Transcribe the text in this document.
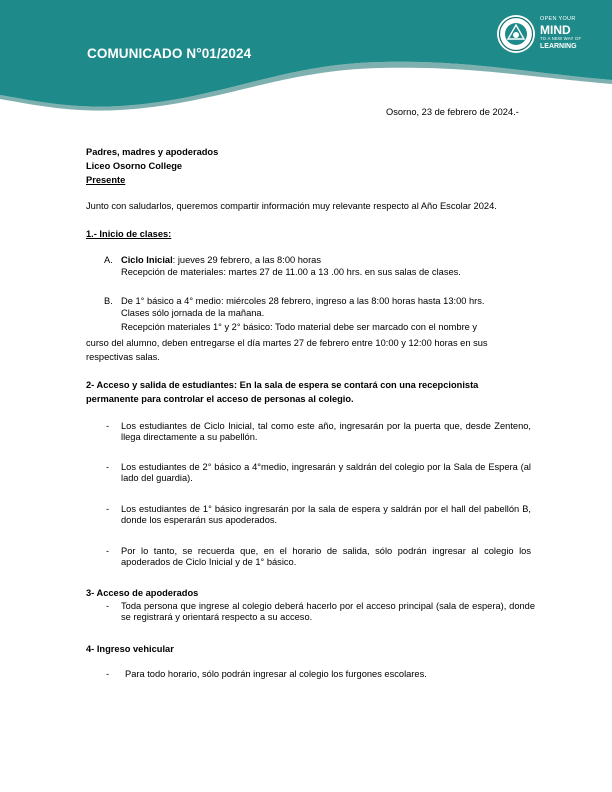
COMUNICADO N°01/2024
OPEN YOUR
MIND
TO A NEW WAY OF
LEARNING
Osorno, 23 de febrero de 2024.-
Padres, madres y apoderados
Liceo Osorno College
Presente
Junto con saludarlos, queremos compartir información muy relevante respecto al Año Escolar 2024.
1.- Inicio de clases:
A. Ciclo Inicial: jueves 29 febrero, a las 8:00 horas
Recepción de materiales: martes 27 de 11.00 a 13 .00 hrs. en sus salas de clases.
B. De 1° básico a 4° medio: miércoles 28 febrero, ingreso a las 8:00 horas hasta 13:00 hrs.
Clases sólo jornada de la mañana.
Recepción materiales 1° y 2° básico: Todo material debe ser marcado con el nombre y
curso del alumno, deben entregarse el día martes 27 de febrero entre 10:00 y 12:00 horas en sus
respectivas salas.
2- Acceso y salida de estudiantes: En la sala de espera se contará con una recepcionista
permanente para controlar el acceso de personas al colegio.
- Los estudiantes de Ciclo Inicial, tal como este año, ingresarán por la puerta que, desde Zenteno, llega directamente a su pabellón.
- Los estudiantes de 2° básico a 4°medio, ingresarán y saldrán del colegio por la Sala de Espera (al lado del guardia).
- Los estudiantes de 1° básico ingresarán por la sala de espera y saldrán por el hall del pabellón B, donde los esperarán sus apoderados.
- Por lo tanto, se recuerda que, en el horario de salida, sólo podrán ingresar al colegio los apoderados de Ciclo Inicial y de 1° básico.
3- Acceso de apoderados
- Toda persona que ingrese al colegio deberá hacerlo por el acceso principal (sala de espera), donde se registrará y orientará respecto a su acceso.
4- Ingreso vehicular
- Para todo horario, sólo podrán ingresar al colegio los furgones escolares.
